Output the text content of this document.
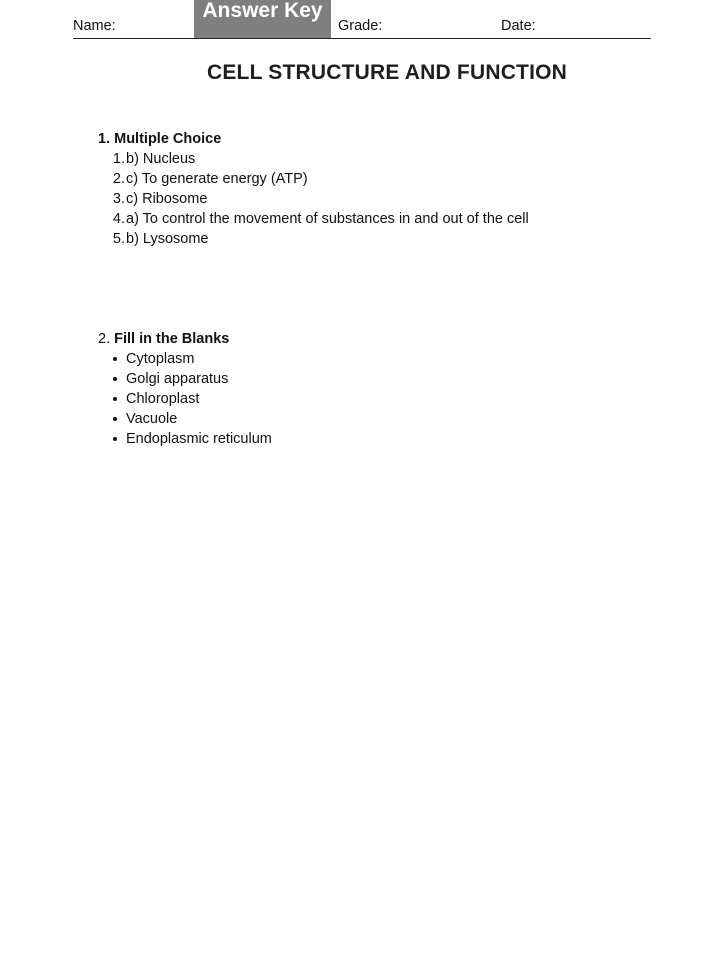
Name:
Answer Key
Grade:	Date:
CELL STRUCTURE AND FUNCTION
1. Multiple Choice
1. b) Nucleus
2. c) To generate energy (ATP)
3. c) Ribosome
4. a) To control the movement of substances in and out of the cell
5. b) Lysosome
2. Fill in the Blanks
Cytoplasm
Golgi apparatus
Chloroplast
Vacuole
Endoplasmic reticulum
